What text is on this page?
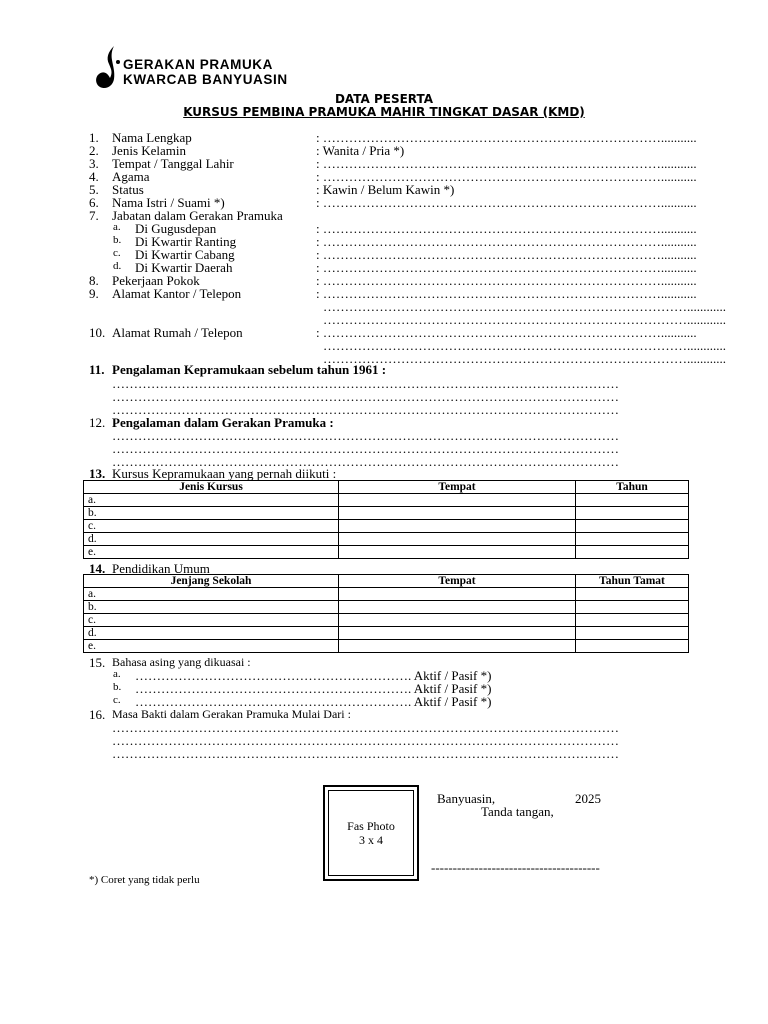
GERAKAN PRAMUKA
KWARCAB BANYUASIN
DATA PESERTA
KURSUS PEMBINA PRAMUKA MAHIR TINGKAT DASAR (KMD)
1. Nama Lengkap	: ……………………………………………………………………...........
2. Jenis Kelamin	: Wanita / Pria *)
3. Tempat / Tanggal Lahir	: ……………………………………………………………………...........
4. Agama	: ……………………………………………………………………...........
5. Status	: Kawin / Belum Kawin *)
6. Nama Istri / Suami *)	: ……………………………………………………………………...........
7. Jabatan dalam Gerakan Pramuka
a. Di Gugusdepan	: ……………………………………………………………………...........
b. Di Kwartir Ranting	: ……………………………………………………………………...........
c. Di Kwartir Cabang	: ……………………………………………………………………...........
d. Di Kwartir Daerah	: ……………………………………………………………………...........
8. Pekerjaan Pokok	: ……………………………………………………………………...........
9. Alamat Kantor / Telepon	: ……………………………………………………………………...........
…………………………………………………………………………............
…………………………………………………………………………............
10. Alamat Rumah / Telepon	: ……………………………………………………………………...........
…………………………………………………………………………............
…………………………………………………………………………............
11. Pengalaman Kepramukaan sebelum tahun 1961 :
………………………………………………………………………………………………………
………………………………………………………………………………………………………
………………………………………………………………………………………………………
12. Pengalaman dalam Gerakan Pramuka :
………………………………………………………………………………………………………
………………………………………………………………………………………………………
………………………………………………………………………………………………………
13. Kursus Kepramukaan yang pernah diikuti :
Jenis Kursus	Tempat	Tahun
a.		
b.		
c.		
d.		
e.		
14. Pendidikan Umum
Jenjang Sekolah	Tempat	Tahun Tamat
a.		
b.		
c.		
d.		
e.		
15. Bahasa asing yang dikuasai :
a. ………………………………………………………. Aktif / Pasif *)
b. ………………………………………………………. Aktif / Pasif *)
c. ………………………………………………………. Aktif / Pasif *)
16. Masa Bakti dalam Gerakan Pramuka Mulai Dari :
………………………………………………………………………………………………………
………………………………………………………………………………………………………
………………………………………………………………………………………………………
Fas Photo
3 x 4
Banyuasin,	2025
Tanda tangan,
---------------------------------------
*) Coret yang tidak perlu
